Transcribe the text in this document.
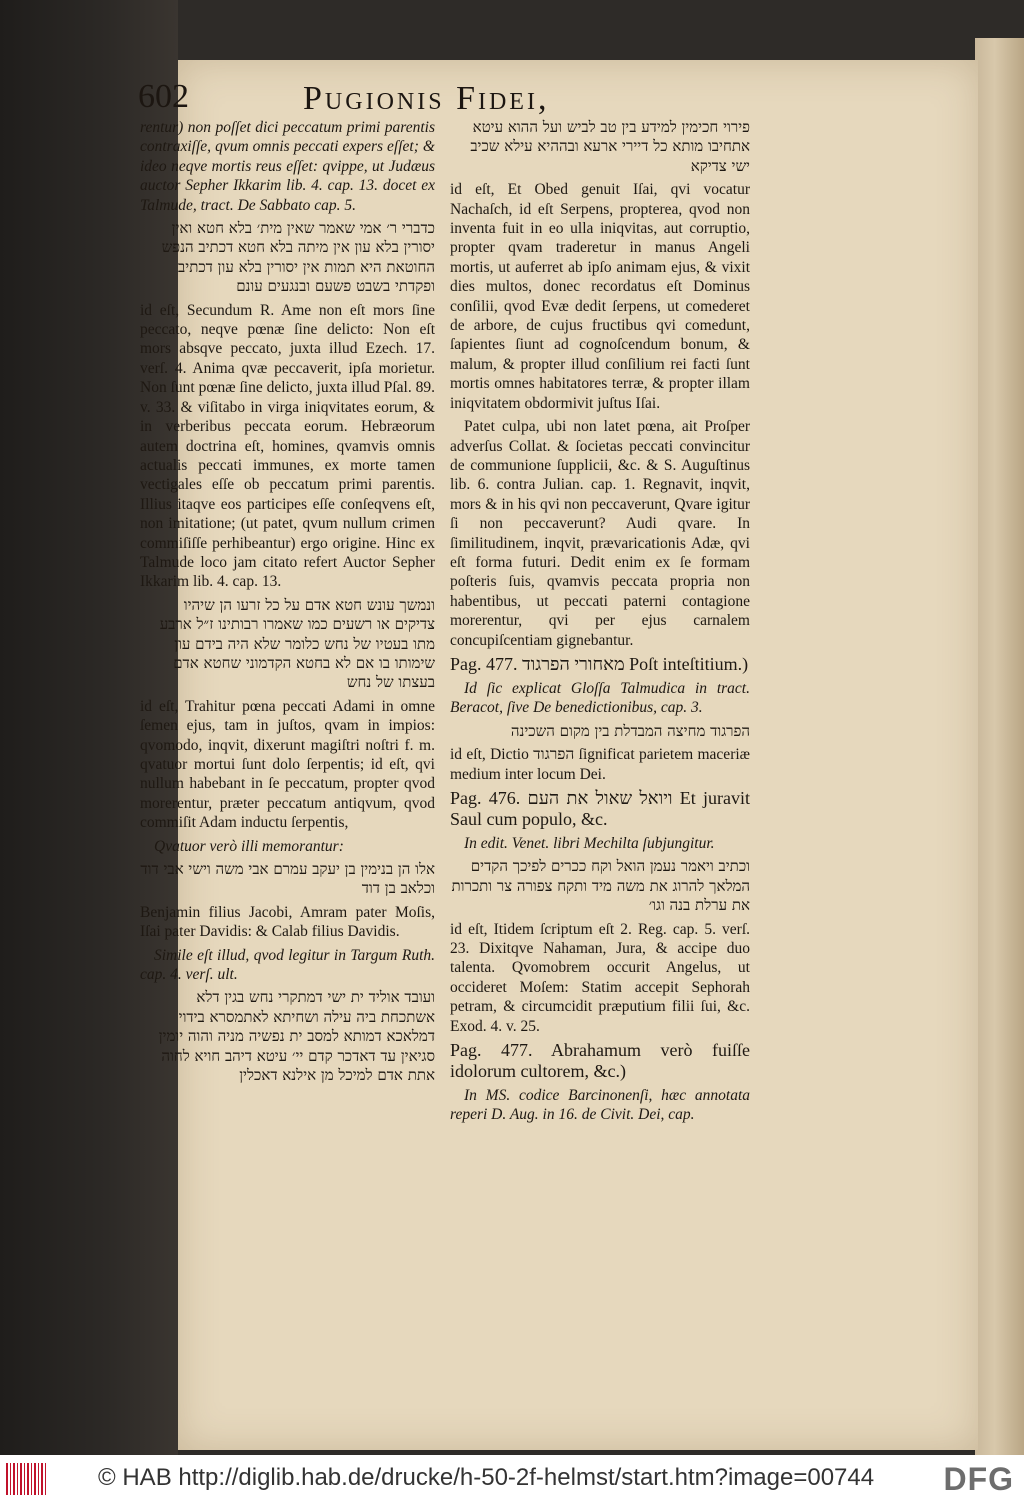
602	Pugionis Fidei,

rentur) non poſſet dici peccatum primi parentis contraxiſſe, qvum omnis peccati expers eſſet; & ideo neqve mortis reus eſſet: qvippe, ut Judæus auctor Sepher Ikkarim lib. 4. cap. 13. docet ex Talmude, tract. De Sabbato cap. 5.

כדברי ר׳ אמי שאמר שאין מית׳ בלא חטא ואין יסורין בלא עון אין מיתה בלא חטא דכתיב הנפש החוטאת היא תמות אין יסורין בלא עון דכתיב ופקדתי בשבט פשעם ובנגעים עונם

id eſt, Secundum R. Ame non eſt mors ſine peccato, neqve pœnæ ſine delicto: Non eſt mors absqve peccato, juxta illud Ezech. 17. verſ. 4. Anima qvæ peccaverit, ipſa morietur. Non ſunt pœnæ ſine delicto, juxta illud Pſal. 89. v. 33. & viſitabo in virga iniqvitates eorum, & in verberibus peccata eorum. Hebræorum autem doctrina eſt, homines, qvamvis omnis actualis peccati immunes, ex morte tamen vectigales eſſe ob peccatum primi parentis. Illius itaqve eos participes eſſe conſeqvens eſt, non imitatione; (ut patet, qvum nullum crimen commiſiſſe perhibeantur) ergo origine. Hinc ex Talmude loco jam citato refert Auctor Sepher Ikkarim lib. 4. cap. 13.

ונמשך עונש חטא אדם על כל זרעו הן שיהיו צדיקים או רשעים כמו שאמרו רבותינו ז״ל ארבע מתו בעטיו של נחש כלומר שלא היה בידם עון שימותו בו אם לא בחטא הקדמוני שחטא אדם בעצתו של נחש

id eſt, Trahitur pœna peccati Adami in omne ſemen ejus, tam in juſtos, qvam in impios: qvomodo, inqvit, dixerunt magiſtri noſtri f. m. qvatuor mortui ſunt dolo ſerpentis; id eſt, qvi nullum habebant in ſe peccatum, propter qvod morerentur, præter peccatum antiqvum, qvod commiſit Adam inductu ſerpentis,

Qvatuor verò illi memorantur:

אלו הן בנימין בן יעקב עמרם אבי משה וישי אבי דוד וכלאב בן דוד

Benjamin filius Jacobi, Amram pater Moſis, Iſai pater Davidis: & Calab filius Davidis.

Simile eſt illud, qvod legitur in Targum Ruth. cap. 4. verſ. ult.

ועובד אוליד ית ישי דמתקרי נחש בגין דלא אשתכחת ביה עילה ושחיתא לאתמסרא בידוי דמלאכא דמותא למסב ית נפשיה מניה והוה יומין סגיאין עד דאדכר קדם יי׳ עיטא דיהב חויא לחוה אתת אדם למיכל מן אילנא דאכלין

פירוי חכימין למידע בין טב לביש ועל ההוא עיטא אתחיבו מותא כל דיירי ארעא ובההיא עילא שכיב ישי צדיקא

id eſt, Et Obed genuit Iſai, qvi vocatur Nachaſch, id eſt Serpens, propterea, qvod non inventa fuit in eo ulla iniqvitas, aut corruptio, propter qvam traderetur in manus Angeli mortis, ut auferret ab ipſo animam ejus, & vixit dies multos, donec recordatus eſt Dominus conſilii, qvod Evæ dedit ſerpens, ut comederet de arbore, de cujus fructibus qvi comedunt, ſapientes ſiunt ad cognoſcendum bonum, & malum, & propter illud conſilium rei facti ſunt mortis omnes habitatores terræ, & propter illam iniqvitatem obdormivit juſtus Iſai.

Patet culpa, ubi non latet pœna, ait Proſper adverſus Collat. & ſocietas peccati convincitur de communione ſupplicii, &c. & S. Auguſtinus lib. 6. contra Julian. cap. 1. Regnavit, inqvit, mors & in his qvi non peccaverunt, Qvare igitur ſi non peccaverunt? Audi qvare. In ſimilitudinem, inqvit, prævaricationis Adæ, qvi eſt forma futuri. Dedit enim ex ſe formam poſteris ſuis, qvamvis peccata propria non habentibus, ut peccati paterni contagione morerentur, qvi per ejus carnalem concupiſcentiam gignebantur.

Pag. 477. מאחורי הפרגוד Poſt inteſtitium.)

Id ſic explicat Gloſſa Talmudica in tract. Beracot, ſive De benedictionibus, cap. 3.

הפרגוד מחיצה המבדלת בין מקום השכינה

id eſt, Dictio הפרגוד ſignificat parietem maceriæ medium inter locum Dei.

Pag. 476. ויואל שאול את העם Et juravit Saul cum populo, &c.

In edit. Venet. libri Mechilta ſubjungitur.

וכתיב ויאמר נעמן הואל וקח ככרים לפיכך הקדים המלאך להרוג את משה מיד ותקח צפורה צר ותכרות את ערלת בנה וגו׳

id eſt, Itidem ſcriptum eſt 2. Reg. cap. 5. verſ. 23. Dixitqve Nahaman, Jura, & accipe duo talenta. Qvomobrem occurit Angelus, ut occideret Moſem: Statim accepit Sephorah petram, & circumcidit præputium filii ſui, &c. Exod. 4. v. 25.

Pag. 477. Abrahamum verò fuiſſe idolorum cultorem, &c.)

In MS. codice Barcinonenſi, hæc annotata reperi D. Aug. in 16. de Civit. Dei, cap.

© HAB http://diglib.hab.de/drucke/h-50-2f-helmst/start.htm?image=00744 DFG
